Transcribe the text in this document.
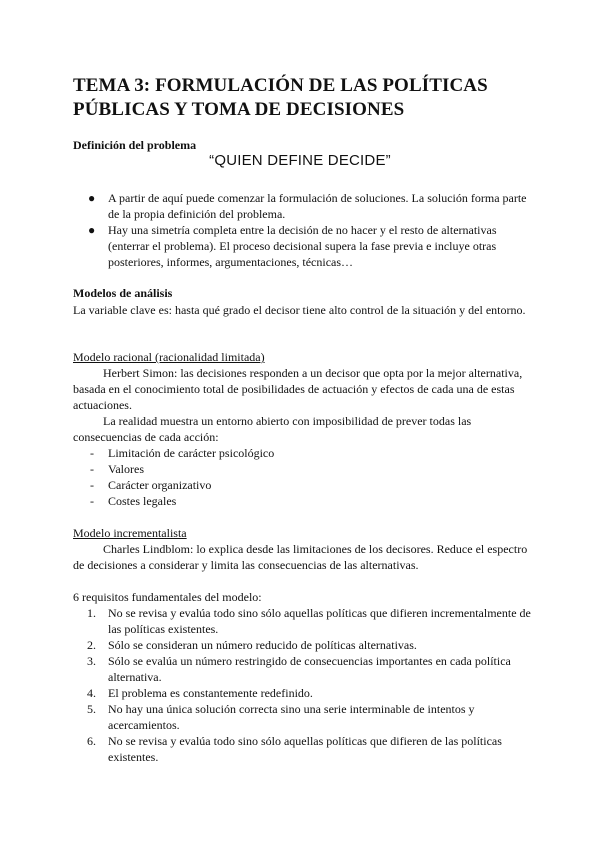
TEMA 3: FORMULACIÓN DE LAS POLÍTICAS PÚBLICAS Y TOMA DE DECISIONES

Definición del problema

“QUIEN DEFINE DECIDE”

● A partir de aquí puede comenzar la formulación de soluciones. La solución forma parte de la propia definición del problema.
● Hay una simetría completa entre la decisión de no hacer y el resto de alternativas (enterrar el problema). El proceso decisional supera la fase previa e incluye otras posteriores, informes, argumentaciones, técnicas…

Modelos de análisis

La variable clave es: hasta qué grado el decisor tiene alto control de la situación y del entorno.

Modelo racional (racionalidad limitada)

Herbert Simon: las decisiones responden a un decisor que opta por la mejor alternativa, basada en el conocimiento total de posibilidades de actuación y efectos de cada una de estas actuaciones.

La realidad muestra un entorno abierto con imposibilidad de prever todas las consecuencias de cada acción:

- Limitación de carácter psicológico
- Valores
- Carácter organizativo
- Costes legales

Modelo incrementalista

Charles Lindblom: lo explica desde las limitaciones de los decisores. Reduce el espectro de decisiones a considerar y limita las consecuencias de las alternativas.

6 requisitos fundamentales del modelo:

1. No se revisa y evalúa todo sino sólo aquellas políticas que difieren incrementalmente de las políticas existentes.
2. Sólo se consideran un número reducido de políticas alternativas.
3. Sólo se evalúa un número restringido de consecuencias importantes en cada política alternativa.
4. El problema es constantemente redefinido.
5. No hay una única solución correcta sino una serie interminable de intentos y acercamientos.
6. No se revisa y evalúa todo sino sólo aquellas políticas que difieren de las políticas existentes.
